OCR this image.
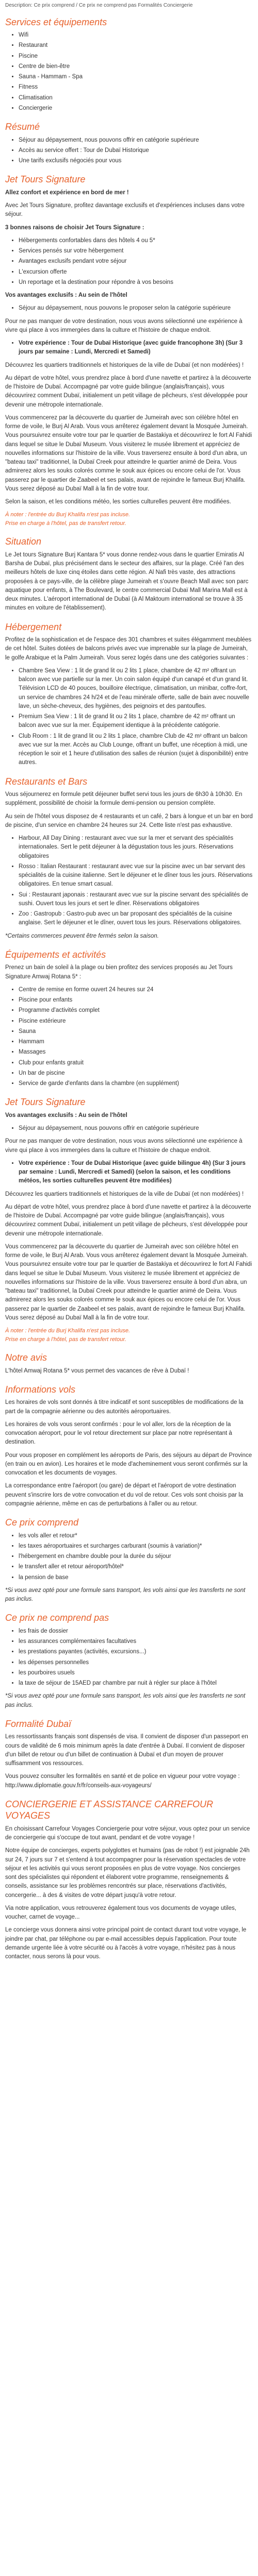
Description: Ce prix comprend / Ce prix ne comprend pas Formalités Conciergerie

Services et équipements
• Wifi
• Restaurant
• Piscine
• Centre de bien-être
• Sauna - Hammam - Spa
• Fitness
• Climatisation
• Conciergerie
Résumé
• Séjour au dépaysement, nous pouvons offrir en catégorie supérieure
• Accès au service offert : Tour de Dubaï Historique
• Une tarifs exclusifs négociés pour vous
Jet Tours Signature

Allez confort et expérience en bord de mer !

Avec Jet Tours Signature, profitez davantage exclusifs et d'expériences incluses dans votre séjour.

3 bonnes raisons de choisir Jet Tours Signature :

• Hébergements confortables dans des hôtels 4 ou 5*
• Services pensés sur votre hébergement
• Avantages exclusifs pendant votre séjour
• L'excursion offerte
• Un reportage et la destination pour répondre à vos besoins

Vos avantages exclusifs : Au sein de l'hôtel

• Séjour au dépaysement, nous pouvons le proposer selon la catégorie supérieure

Pour ne pas manquer de votre destination, nous vous avons sélectionné une expérience à vivre qui place à vos immergées dans la culture et l'histoire de chaque endroit.

• Votre expérience : Tour de Dubaï Historique (avec guide francophone 3h) (Sur 3 jours par semaine : Lundi, Mercredi et Samedi)

Découvrez les quartiers traditionnels et historiques de la ville de Dubaï (et non modérées) !

Au départ de votre hôtel, vous prendrez place à bord d'une navette et partirez à la découverte de l'histoire de Dubaï. Accompagné par votre guide bilingue (anglais/français), vous découvrirez comment Dubaï, initialement un petit village de pêcheurs, s'est développée pour devenir une métropole internationale.

Vous commencerez par la découverte du quartier de Jumeirah avec son célèbre hôtel en forme de voile, le Burj Al Arab. Vous vous arrêterez également devant la Mosquée Jumeirah. Vous poursuivrez ensuite votre tour par le quartier de Bastakiya et découvrirez le fort Al Fahidi dans lequel se situe le Dubaï Museum. Vous visiterez le musée librement et appréciez de nouvelles informations sur l'histoire de la ville. Vous traverserez ensuite à bord d'un abra, un "bateau taxi" traditionnel, la Dubaï Creek pour atteindre le quartier animé de Deira. Vous admirerez alors les souks colorés comme le souk aux épices ou encore celui de l'or. Vous passerez par le quartier de Zaabeel et ses palais, avant de rejoindre le fameux Burj Khalifa. Vous serez déposé au Dubaï Mall à la fin de votre tour.

Selon la saison, et les conditions météo, les sorties culturelles peuvent être modifiées.

À noter : l'entrée du Burj Khalifa n'est pas incluse.
Prise en charge à l'hôtel, pas de transfert retour.

Situation

Le Jet tours Signature Burj Kantara 5* vous donne rendez-vous dans le quartier Emiratis Al Barsha de Dubaï, plus précisément dans le secteur des affaires, sur la plage. Créé l'an des meilleurs hôtels de luxe cinq étoiles dans cette région. Al Nafi très vaste, des attractions proposées à ce pays-ville, de la célèbre plage Jumeirah et s'ouvre Beach Mall avec son parc aquatique pour enfants, à The Boulevard, le centre commercial Dubaï Mall Marina Mall est à deux minutes. L'aéroport international de Dubaï (à Al Maktoum international se trouve à 35 minutes en voiture de l'établissement).

Hébergement

Profitez de la sophistication et de l'espace des 301 chambres et suites élégamment meublées de cet hôtel. Suites dotées de balcons privés avec vue imprenable sur la plage de Jumeirah, le golfe Arabique et la Palm Jumeirah. Vous serez logés dans une des catégories suivantes :

• Chambre Sea View : 1 lit de grand lit ou 2 lits 1 place, chambre de 42 m² offrant un balcon avec vue partielle sur la mer. Un coin salon équipé d'un canapé et d'un grand lit. Télévision LCD de 40 pouces, bouilloire électrique, climatisation, un minibar, coffre-fort, un service de chambres 24 h/24 et de l'eau minérale offerte, salle de bain avec nouvelle lave, un sèche-cheveux, des hygiènes, des peignoirs et des pantoufles.
• Premium Sea View : 1 lit de grand lit ou 2 lits 1 place, chambre de 42 m² offrant un balcon avec vue sur la mer. Équipement identique à la précédente catégorie.
• Club Room : 1 lit de grand lit ou 2 lits 1 place, chambre Club de 42 m² offrant un balcon avec vue sur la mer. Accès au Club Lounge, offrant un buffet, une réception à midi, une réception le soir et 1 heure d'utilisation des salles de réunion (sujet à disponibilité) entre autres.
Restaurants et Bars

Vous séjournerez en formule petit déjeuner buffet servi tous les jours de 6h30 à 10h30. En supplément, possibilité de choisir la formule demi-pension ou pension complète.

Au sein de l'hôtel vous disposez de 4 restaurants et un café, 2 bars à longue et un bar en bord de piscine, d'un service en chambre 24 heures sur 24. Cette liste n'est pas exhaustive.

• Harbour, All Day Dining : restaurant avec vue sur la mer et servant des spécialités internationales. Sert le petit déjeuner à la dégustation tous les jours. Réservations obligatoires
• Rosso : Italian Restaurant : restaurant avec vue sur la piscine avec un bar servant des spécialités de la cuisine italienne. Sert le déjeuner et le dîner tous les jours. Réservations obligatoires. En tenue smart casual.
• Sui : Restaurant japonais : restaurant avec vue sur la piscine servant des spécialités de sushi. Ouvert tous les jours et sert le dîner. Réservations obligatoires
• Zoo : Gastropub : Gastro-pub avec un bar proposant des spécialités de la cuisine anglaise. Sert le déjeuner et le dîner, ouvert tous les jours. Réservations obligatoires.

*Certains commerces peuvent être fermés selon la saison.

Équipements et activités

Prenez un bain de soleil à la plage ou bien profitez des services proposés au Jet Tours Signature Amwaj Rotana 5* :

• Centre de remise en forme ouvert 24 heures sur 24
• Piscine pour enfants
• Programme d'activités complet
• Piscine extérieure
• Sauna
• Hammam
• Massages
• Club pour enfants gratuit
• Un bar de piscine
• Service de garde d'enfants dans la chambre (en supplément)
Jet Tours Signature

Vos avantages exclusifs : Au sein de l'hôtel

• Séjour au dépaysement, nous pouvons offrir en catégorie supérieure

Pour ne pas manquer de votre destination, nous vous avons sélectionné une expérience à vivre qui place à vos immergées dans la culture et l'histoire de chaque endroit.

• Votre expérience : Tour de Dubaï Historique (avec guide bilingue 4h) (Sur 3 jours par semaine : Lundi, Mercredi et Samedi) (selon la saison, et les conditions météos, les sorties culturelles peuvent être modifiées)

Découvrez les quartiers traditionnels et historiques de la ville de Dubaï (et non modérées) !

Au départ de votre hôtel, vous prendrez place à bord d'une navette et partirez à la découverte de l'histoire de Dubaï. Accompagné par votre guide bilingue (anglais/français), vous découvrirez comment Dubaï, initialement un petit village de pêcheurs, s'est développée pour devenir une métropole internationale.

Vous commencerez par la découverte du quartier de Jumeirah avec son célèbre hôtel en forme de voile, le Burj Al Arab. Vous vous arrêterez également devant la Mosquée Jumeirah. Vous poursuivrez ensuite votre tour par le quartier de Bastakiya et découvrirez le fort Al Fahidi dans lequel se situe le Dubaï Museum. Vous visiterez le musée librement et appréciez de nouvelles informations sur l'histoire de la ville. Vous traverserez ensuite à bord d'un abra, un "bateau taxi" traditionnel, la Dubaï Creek pour atteindre le quartier animé de Deira. Vous admirerez alors les souks colorés comme le souk aux épices ou encore celui de l'or. Vous passerez par le quartier de Zaabeel et ses palais, avant de rejoindre le fameux Burj Khalifa. Vous serez déposé au Dubaï Mall à la fin de votre tour.

À noter : l'entrée du Burj Khalifa n'est pas incluse.
Prise en charge à l'hôtel, pas de transfert retour.

Notre avis

L'hôtel Amwaj Rotana 5* vous permet des vacances de rêve à Dubaï !

Informations vols

Les horaires de vols sont donnés à titre indicatif et sont susceptibles de modifications de la part de la compagnie aérienne ou des autorités aéroportuaires.

Les horaires de vols vous seront confirmés : pour le vol aller, lors de la réception de la convocation aéroport, pour le vol retour directement sur place par notre représentant à destination.

Pour vous proposer en complément les aéroports de Paris, des séjours au départ de Province (en train ou en avion). Les horaires et le mode d'acheminement vous seront confirmés sur la convocation et les documents de voyages.

La correspondance entre l'aéroport (ou gare) de départ et l'aéroport de votre destination peuvent s'inscrire lors de votre convocation et du vol de retour. Ces vols sont choisis par la compagnie aérienne, même en cas de perturbations à l'aller ou au retour.

Ce prix comprend
• les vols aller et retour*
• les taxes aéroportuaires et surcharges carburant (soumis à variation)*
• l'hébergement en chambre double pour la durée du séjour
• le transfert aller et retour aéroport/hôtel*
• la pension de base

*Si vous avez opté pour une formule sans transport, les vols ainsi que les transferts ne sont pas inclus.

Ce prix ne comprend pas
• les frais de dossier
• les assurances complémentaires facultatives
• les prestations payantes (activités, excursions...)
• les dépenses personnelles
• les pourboires usuels
• la taxe de séjour de 15AED par chambre par nuit à régler sur place à l'hôtel

*Si vous avez opté pour une formule sans transport, les vols ainsi que les transferts ne sont pas inclus.

Formalité Dubaï

Les ressortissants français sont dispensés de visa. Il convient de disposer d'un passeport en cours de validité de 6 mois minimum après la date d'entrée à Dubaï. Il convient de disposer d'un billet de retour ou d'un billet de continuation à Dubaï et d'un moyen de prouver suffisamment vos ressources.

Vous pouvez consulter les formalités en santé et de police en vigueur pour votre voyage : http://www.diplomatie.gouv.fr/fr/conseils-aux-voyageurs/

CONCIERGERIE ET ASSISTANCE CARREFOUR VOYAGES

En choisissant Carrefour Voyages Conciergerie pour votre séjour, vous optez pour un service de conciergerie qui s'occupe de tout avant, pendant et de votre voyage !

Notre équipe de concierges, experts polyglottes et humains (pas de robot !) est joignable 24h sur 24, 7 jours sur 7 et s'entend à tout accompagner pour la réservation spectacles de votre séjour et les activités qui vous seront proposées en plus de votre voyage. Nos concierges sont des spécialistes qui répondent et élaborent votre programme, renseignements & conseils, assistance sur les problèmes rencontrés sur place, réservations d'activités, concergerie... à des & visites de votre départ jusqu'à votre retour.

Via notre application, vous retrouverez également tous vos documents de voyage utiles, voucher, carnet de voyage...

Le concierge vous donnera ainsi votre principal point de contact durant tout votre voyage, le joindre par chat, par téléphone ou par e-mail accessibles depuis l'application. Pour toute demande urgente liée à votre sécurité ou à l'accès à votre voyage, n'hésitez pas à nous contacter, nous serons là pour vous.
